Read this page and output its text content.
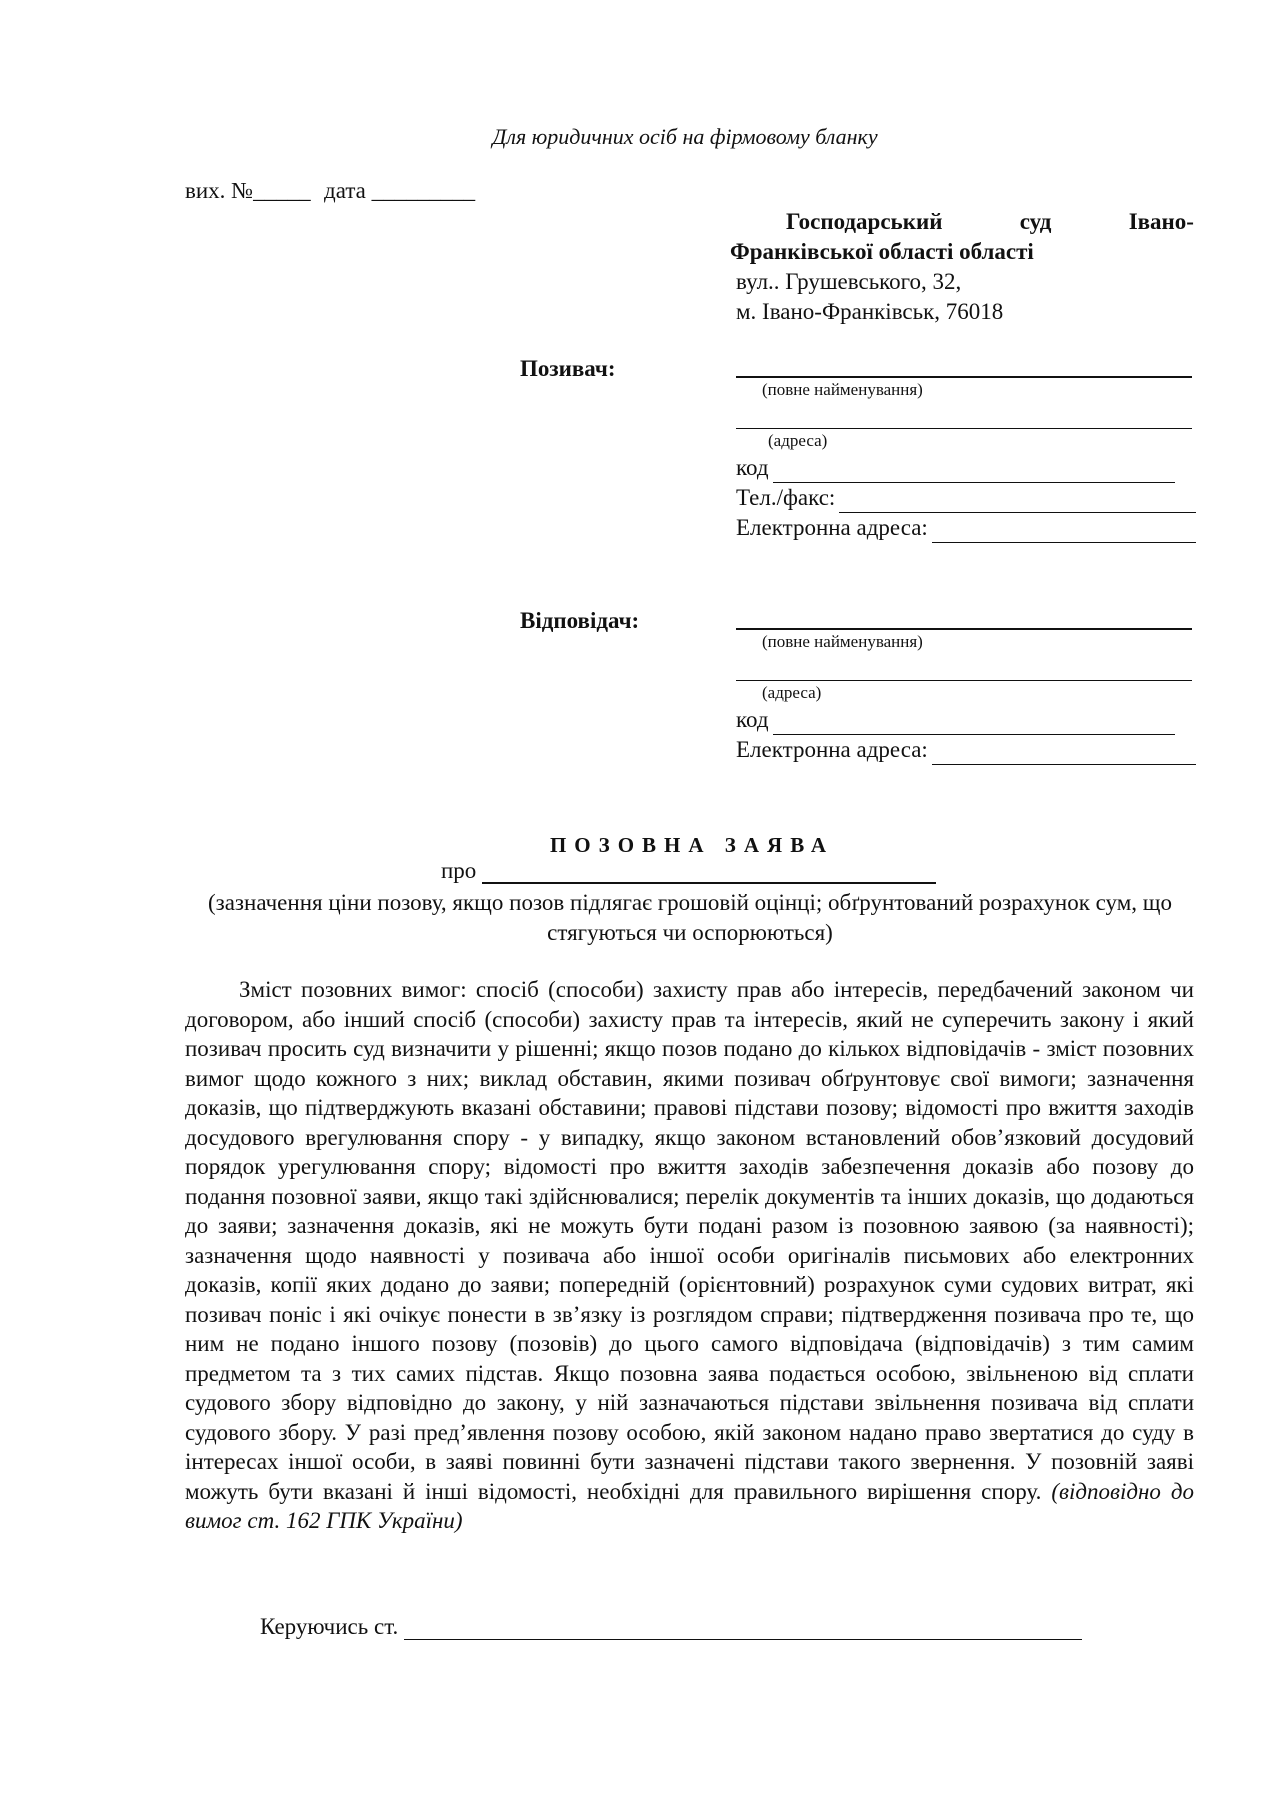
Для юридичних осіб на фірмовому бланку
вих. №_____ дата _________
Господарський	суд	Івано-
Франківської області області
вул.. Грушевського, 32,
м. Івано-Франківськ, 76018
Позивач:
(повне найменування)
(адреса)
код
Тел./факс:
Електронна адреса:
Відповідач:
(повне найменування)
(адреса)
код
Електронна адреса:
ПОЗОВНА ЗАЯВА
про
(зазначення ціни позову, якщо позов підлягає грошовій оцінці; обґрунтований розрахунок сум, що стягуються чи оспорюються)
Зміст позовних вимог: спосіб (способи) захисту прав або інтересів, передбачений законом чи договором, або інший спосіб (способи) захисту прав та інтересів, який не суперечить закону і який позивач просить суд визначити у рішенні; якщо позов подано до кількох відповідачів - зміст позовних вимог щодо кожного з них; виклад обставин, якими позивач обґрунтовує свої вимоги; зазначення доказів, що підтверджують вказані обставини; правові підстави позову; відомості про вжиття заходів досудового врегулювання спору - у випадку, якщо законом встановлений обов’язковий досудовий порядок урегулювання спору; відомості про вжиття заходів забезпечення доказів або позову до подання позовної заяви, якщо такі здійснювалися; перелік документів та інших доказів, що додаються до заяви; зазначення доказів, які не можуть бути подані разом із позовною заявою (за наявності); зазначення щодо наявності у позивача або іншої особи оригіналів письмових або електронних доказів, копії яких додано до заяви; попередній (орієнтовний) розрахунок суми судових витрат, які позивач поніс і які очікує понести в зв’язку із розглядом справи; підтвердження позивача про те, що ним не подано іншого позову (позовів) до цього самого відповідача (відповідачів) з тим самим предметом та з тих самих підстав. Якщо позовна заява подається особою, звільненою від сплати судового збору відповідно до закону, у ній зазначаються підстави звільнення позивача від сплати судового збору. У разі пред’явлення позову особою, якій законом надано право звертатися до суду в інтересах іншої особи, в заяві повинні бути зазначені підстави такого звернення. У позовній заяві можуть бути вказані й інші відомості, необхідні для правильного вирішення спору. (відповідно до вимог ст. 162 ГПК України)
Керуючись ст.
